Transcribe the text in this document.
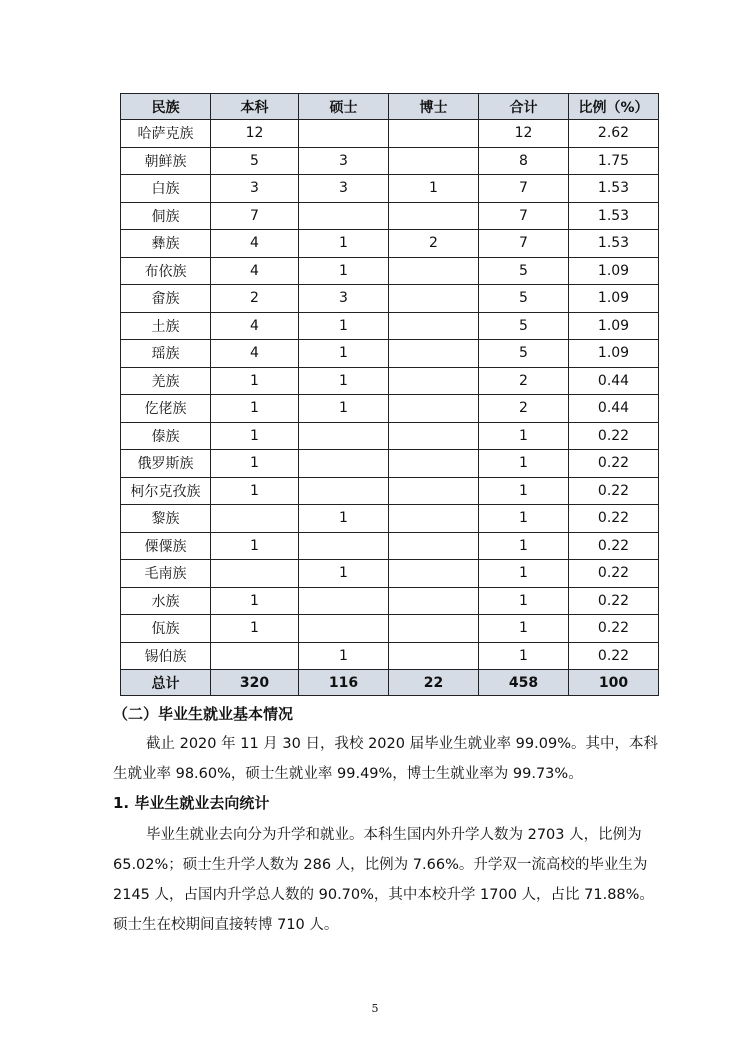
民族	本科	硕士	博士	合计	比例（%）
哈萨克族	12			12	2.62
朝鲜族	5	3		8	1.75
白族	3	3	1	7	1.53
侗族	7			7	1.53
彝族	4	1	2	7	1.53
布依族	4	1		5	1.09
畲族	2	3		5	1.09
土族	4	1		5	1.09
瑶族	4	1		5	1.09
羌族	1	1		2	0.44
仡佬族	1	1		2	0.44
傣族	1			1	0.22
俄罗斯族	1			1	0.22
柯尔克孜族	1			1	0.22
黎族		1		1	0.22
傈僳族	1			1	0.22
毛南族		1		1	0.22
水族	1			1	0.22
佤族	1			1	0.22
锡伯族		1		1	0.22
总计	320	116	22	458	100
（二）毕业生就业基本情况

截止 2020 年 11 月 30 日，我校 2020 届毕业生就业率 99.09%。其中，本科
生就业率 98.60%，硕士生就业率 99.49%，博士生就业率为 99.73%。

1. 毕业生就业去向统计

毕业生就业去向分为升学和就业。本科生国内外升学人数为 2703 人，比例为
65.02%；硕士生升学人数为 286 人，比例为 7.66%。升学双一流高校的毕业生为
2145 人，占国内升学总人数的 90.70%，其中本校升学 1700 人，占比 71.88%。
硕士生在校期间直接转博 710 人。

5
